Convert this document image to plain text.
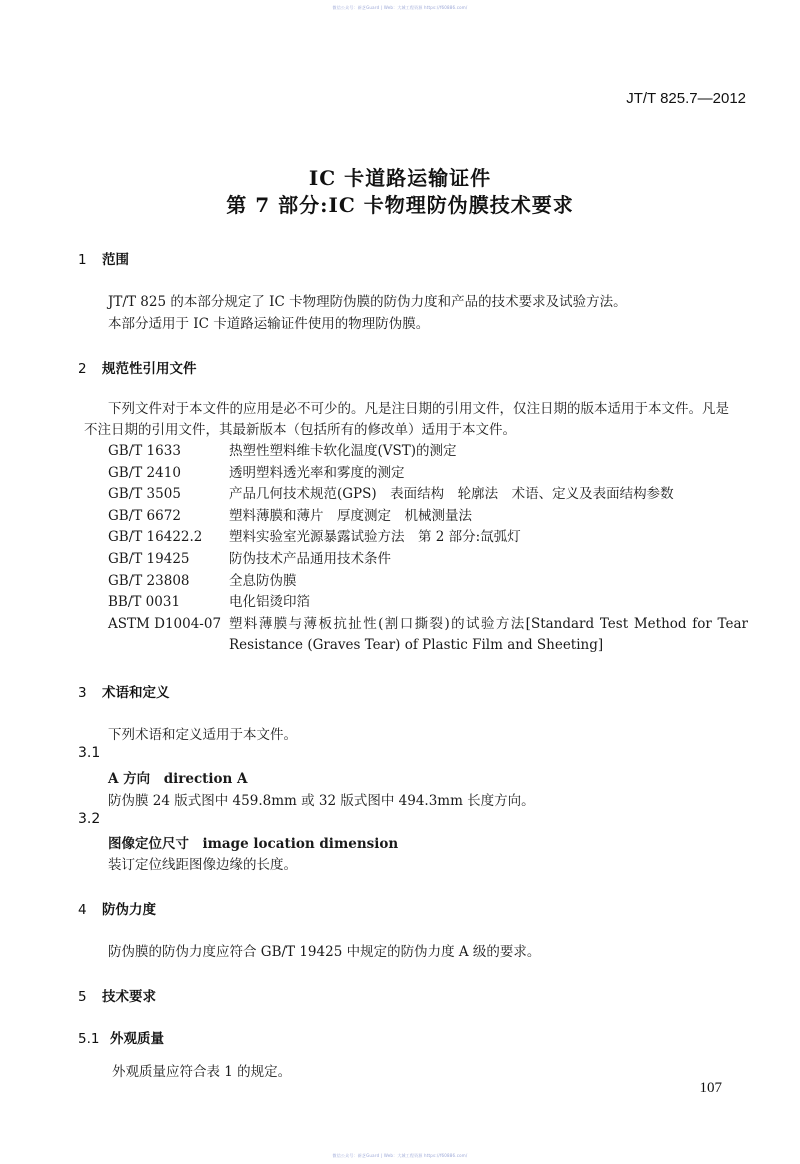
微信公众号：新芝Guard | Web：大城工程资源 https://f60886.com/
JT/T 825.7—2012
IC 卡道路运输证件
第 7 部分:IC 卡物理防伪膜技术要求
1 范围
JT/T 825 的本部分规定了 IC 卡物理防伪膜的防伪力度和产品的技术要求及试验方法。
本部分适用于 IC 卡道路运输证件使用的物理防伪膜。
2 规范性引用文件
下列文件对于本文件的应用是必不可少的。凡是注日期的引用文件，仅注日期的版本适用于本文件。凡是不注日期的引用文件，其最新版本（包括所有的修改单）适用于本文件。
GB/T 1633	热塑性塑料维卡软化温度(VST)的测定
GB/T 2410	透明塑料透光率和雾度的测定
GB/T 3505	产品几何技术规范(GPS)　表面结构　轮廓法　术语、定义及表面结构参数
GB/T 6672	塑料薄膜和薄片　厚度测定　机械测量法
GB/T 16422.2	塑料实验室光源暴露试验方法　第 2 部分:氙弧灯
GB/T 19425	防伪技术产品通用技术条件
GB/T 23808	全息防伪膜
BB/T 0031	电化铝烫印箔
ASTM D1004-07 塑料薄膜与薄板抗扯性(割口撕裂)的试验方法[Standard Test Method for Tear Resistance (Graves Tear) of Plastic Film and Sheeting]
3 术语和定义
下列术语和定义适用于本文件。
3.1
A 方向　 direction A
防伪膜 24 版式图中 459.8mm 或 32 版式图中 494.3mm 长度方向。
3.2
图像定位尺寸　 image location dimension
装订定位线距图像边缘的长度。
4 防伪力度
防伪膜的防伪力度应符合 GB/T 19425 中规定的防伪力度 A 级的要求。
5 技术要求
5.1 外观质量
外观质量应符合表 1 的规定。
107
微信公众号：新芝Guard | Web：大城工程资源 https://f60886.com/
